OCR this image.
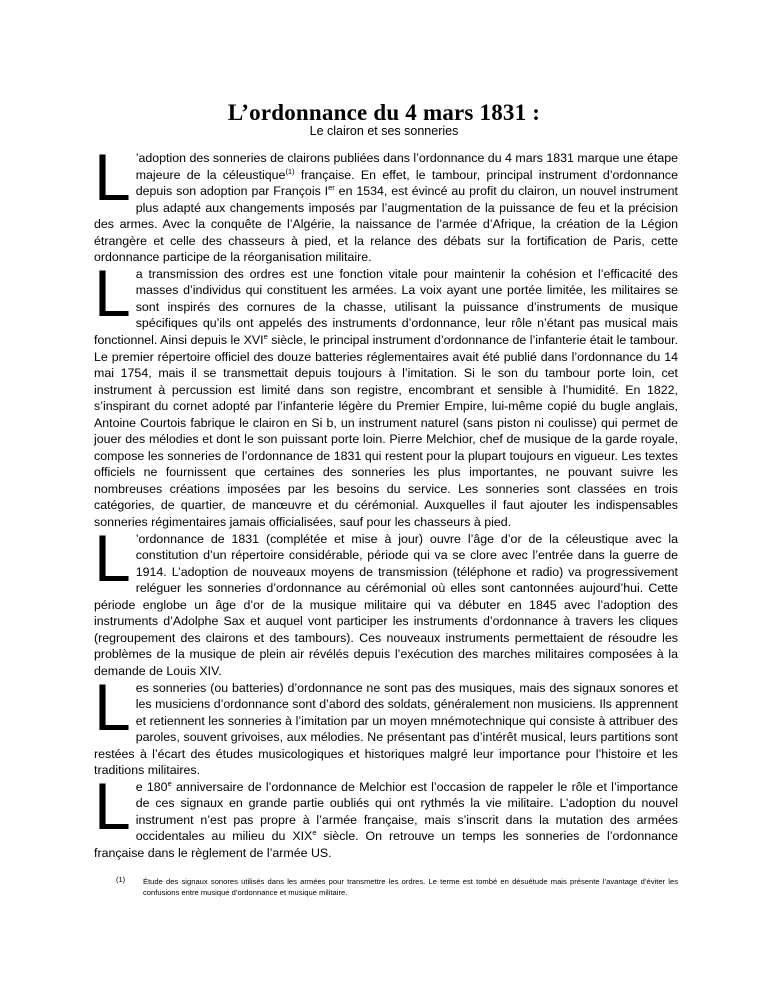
L’ordonnance du 4 mars 1831 :
Le clairon et ses sonneries

L ’adoption des sonneries de clairons publiées dans l’ordonnance du 4 mars 1831 marque une étape majeure de la céleustique$^{(1)}$ française. En effet, le tambour, principal instrument d’ordonnance depuis son adoption par François Ier en 1534, est évincé au profit du clairon, un nouvel instrument plus adapté aux changements imposés par l’augmentation de la puissance de feu et la précision des armes. Avec la conquête de l’Algérie, la naissance de l’armée d’Afrique, la création de la Légion étrangère et celle des chasseurs à pied, et la relance des débats sur la fortification de Paris, cette ordonnance participe de la réorganisation militaire.

La transmission des ordres est une fonction vitale pour maintenir la cohésion et l’efficacité des masses d’individus qui constituent les armées. La voix ayant une portée limitée, les militaires se sont inspirés des cornures de la chasse, utilisant la puissance d’instruments de musique spécifiques qu’ils ont appelés des instruments d’ordonnance, leur rôle n’étant pas musical mais fonctionnel. Ainsi depuis le XVIe siècle, le principal instrument d’ordonnance de l’infanterie était le tambour. Le premier répertoire officiel des douze batteries réglementaires avait été publié dans l’ordonnance du 14 mai 1754, mais il se transmettait depuis toujours à l’imitation. Si le son du tambour porte loin, cet instrument à percussion est limité dans son registre, encombrant et sensible à l’humidité. En 1822, s’inspirant du cornet adopté par l’infanterie légère du Premier Empire, lui-même copié du bugle anglais, Antoine Courtois fabrique le clairon en Si b, un instrument naturel (sans piston ni coulisse) qui permet de jouer des mélodies et dont le son puissant porte loin. Pierre Melchior, chef de musique de la garde royale, compose les sonneries de l’ordonnance de 1831 qui restent pour la plupart toujours en vigueur. Les textes officiels ne fournissent que certaines des sonneries les plus importantes, ne pouvant suivre les nombreuses créations imposées par les besoins du service. Les sonneries sont classées en trois catégories, de quartier, de manœuvre et du cérémonial. Auxquelles il faut ajouter les indispensables sonneries régimentaires jamais officialisées, sauf pour les chasseurs à pied.

L ’ordonnance de 1831 (complétée et mise à jour) ouvre l’âge d’or de la céleustique avec la constitution d’un répertoire considérable, période qui va se clore avec l’entrée dans la guerre de 1914. L’adoption de nouveaux moyens de transmission (téléphone et radio) va progressivement reléguer les sonneries d’ordonnance au cérémonial où elles sont cantonnées aujourd’hui. Cette période englobe un âge d’or de la musique militaire qui va débuter en 1845 avec l’adoption des instruments d’Adolphe Sax et auquel vont participer les instruments d’ordonnance à travers les cliques (regroupement des clairons et des tambours). Ces nouveaux instruments permettaient de résoudre les problèmes de la musique de plein air révélés depuis l’exécution des marches militaires composées à la demande de Louis XIV.

Les sonneries (ou batteries) d’ordonnance ne sont pas des musiques, mais des signaux sonores et les musiciens d’ordonnance sont d’abord des soldats, généralement non musiciens. Ils apprennent et retiennent les sonneries à l’imitation par un moyen mnémotechnique qui consiste à attribuer des paroles, souvent grivoises, aux mélodies. Ne présentant pas d’intérêt musical, leurs partitions sont restées à l’écart des études musicologiques et historiques malgré leur importance pour l’histoire et les traditions militaires.

Le 180e anniversaire de l’ordonnance de Melchior est l’occasion de rappeler le rôle et l’importance de ces signaux en grande partie oubliés qui ont rythmés la vie militaire. L’adoption du nouvel instrument n’est pas propre à l’armée française, mais s’inscrit dans la mutation des armées occidentales au milieu du XIXe siècle. On retrouve un temps les sonneries de l’ordonnance française dans le règlement de l’armée US.

(1) Étude des signaux sonores utilisés dans les armées pour transmettre les ordres. Le terme est tombé en désuétude mais présente l’avantage d’éviter les confusions entre musique d’ordonnance et musique militaire.
